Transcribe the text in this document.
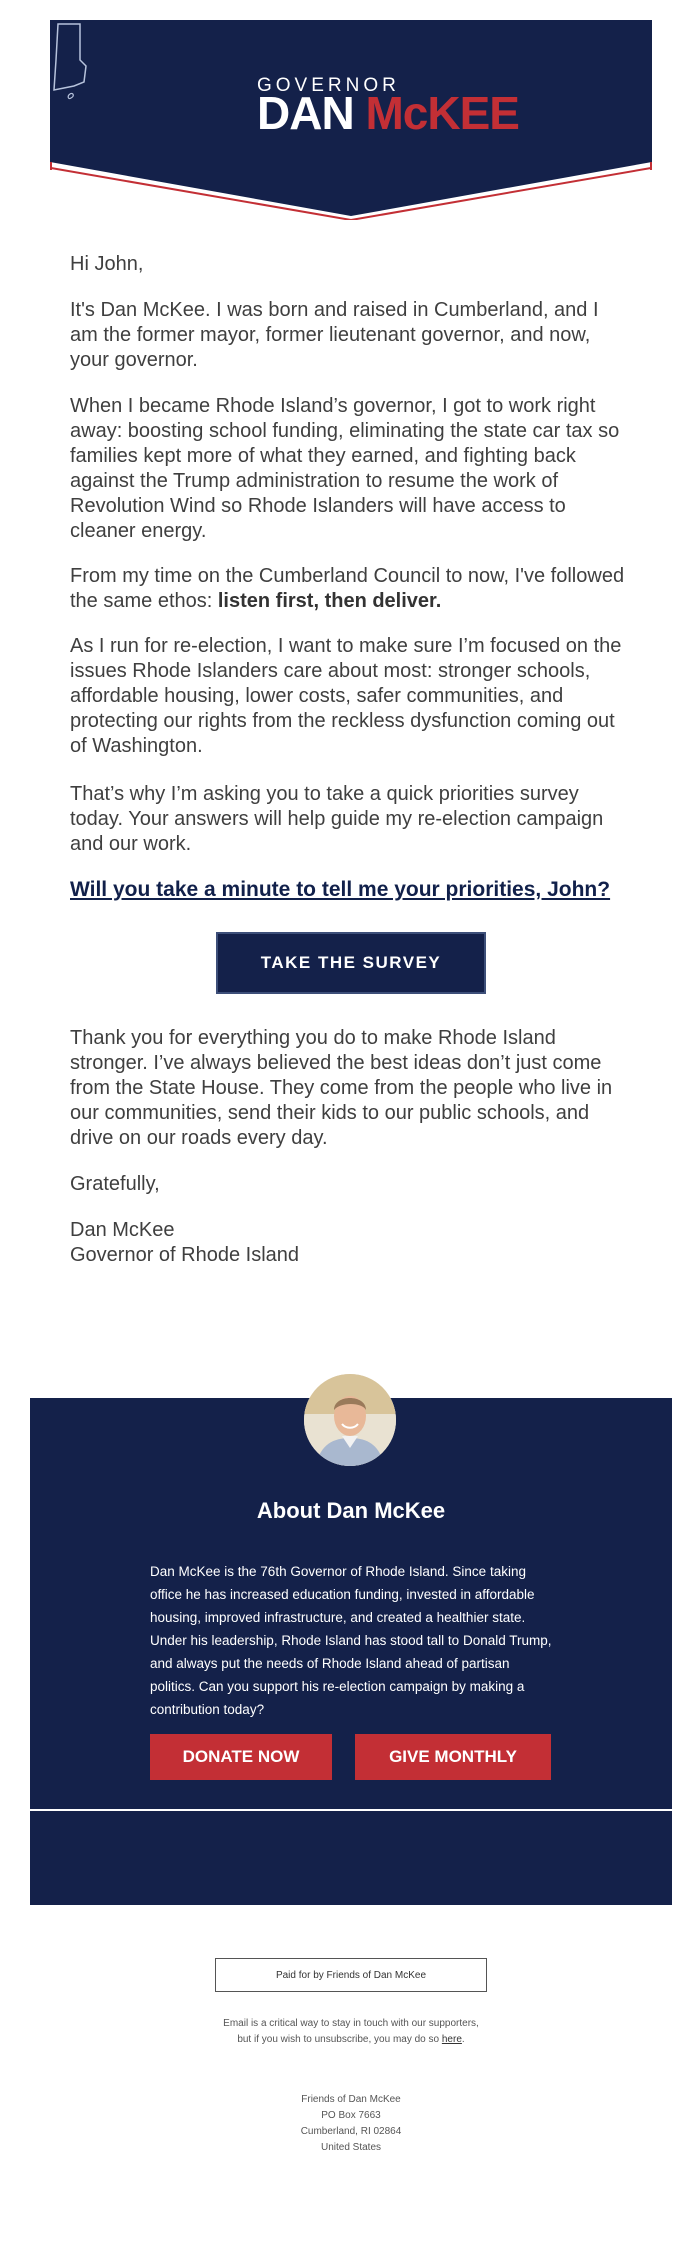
GOVERNOR
DAN McKEE
Hi John,
It's Dan McKee. I was born and raised in Cumberland, and I am the former mayor, former lieutenant governor, and now, your governor.
When I became Rhode Island’s governor, I got to work right away: boosting school funding, eliminating the state car tax so families kept more of what they earned, and fighting back against the Trump administration to resume the work of Revolution Wind so Rhode Islanders will have access to cleaner energy.
From my time on the Cumberland Council to now, I've followed the same ethos: listen first, then deliver.
As I run for re-election, I want to make sure I’m focused on the issues Rhode Islanders care about most: stronger schools, affordable housing, lower costs, safer communities, and protecting our rights from the reckless dysfunction coming out of Washington.
That’s why I’m asking you to take a quick priorities survey today. Your answers will help guide my re-election campaign and our work.
Will you take a minute to tell me your priorities, John?
TAKE THE SURVEY
Thank you for everything you do to make Rhode Island stronger. I’ve always believed the best ideas don’t just come from the State House. They come from the people who live in our communities, send their kids to our public schools, and drive on our roads every day.
Gratefully,
Dan McKee
Governor of Rhode Island
About Dan McKee
Dan McKee is the 76th Governor of Rhode Island. Since taking office he has increased education funding, invested in affordable housing, improved infrastructure, and created a healthier state. Under his leadership, Rhode Island has stood tall to Donald Trump, and always put the needs of Rhode Island ahead of partisan politics. Can you support his re-election campaign by making a contribution today?
DONATE NOW	GIVE MONTHLY
Paid for by Friends of Dan McKee
Email is a critical way to stay in touch with our supporters, but if you wish to unsubscribe, you may do so here.
Friends of Dan McKee
PO Box 7663
Cumberland, RI 02864
United States
